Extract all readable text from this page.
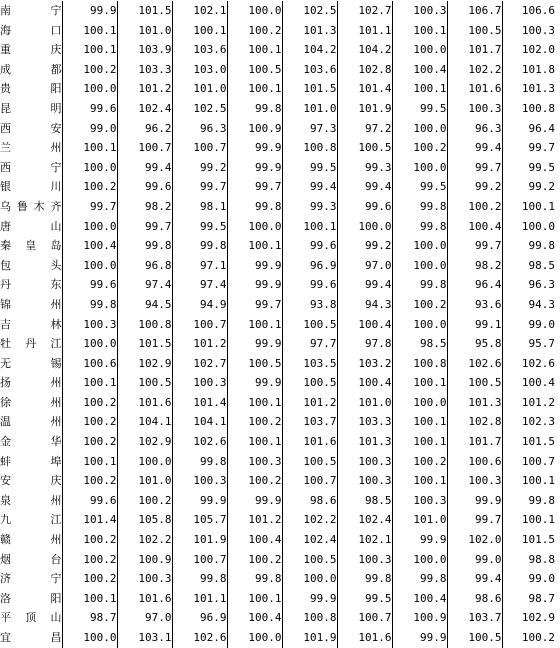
南宁	99.9	101.5	102.1	100.0	102.5	102.7	100.3	106.7	106.6
海口	100.1	101.0	100.1	100.2	101.3	101.1	100.1	100.5	100.3
重庆	100.1	103.9	103.6	100.1	104.2	104.2	100.0	101.7	102.0
成都	100.2	103.3	103.0	100.5	103.6	102.8	100.4	102.2	101.8
贵阳	100.0	101.2	101.0	100.1	101.5	101.4	100.1	101.6	101.3
昆明	99.6	102.4	102.5	99.8	101.0	101.9	99.5	100.3	100.8
西安	99.0	96.2	96.3	100.9	97.3	97.2	100.0	96.3	96.4
兰州	100.1	100.7	100.7	99.9	100.8	100.5	100.2	99.4	99.7
西宁	100.0	99.4	99.2	99.9	99.5	99.3	100.0	99.7	99.5
银川	100.2	99.6	99.7	99.7	99.4	99.4	99.5	99.2	99.2
乌鲁木齐	99.7	98.2	98.1	99.8	99.3	99.6	99.8	100.2	100.1
唐山	100.0	99.7	99.5	100.0	100.1	100.0	99.8	100.4	100.0
秦皇岛	100.4	99.8	99.8	100.1	99.6	99.2	100.0	99.7	99.8
包头	100.0	96.8	97.1	99.9	96.9	97.0	100.0	98.2	98.5
丹东	99.6	97.4	97.4	99.9	99.6	99.4	99.8	96.4	96.3
锦州	99.8	94.5	94.9	99.7	93.8	94.3	100.2	93.6	94.3
吉林	100.3	100.8	100.7	100.1	100.5	100.4	100.0	99.1	99.0
牡丹江	100.0	101.5	101.2	99.9	97.7	97.8	98.5	95.8	95.7
无锡	100.6	102.9	102.7	100.5	103.5	103.2	100.8	102.6	102.6
扬州	100.1	100.5	100.3	99.9	100.5	100.4	100.1	100.5	100.4
徐州	100.2	101.6	101.4	100.1	101.2	101.0	100.0	101.3	101.2
温州	100.2	104.1	104.1	100.2	103.7	103.3	100.1	102.8	102.3
金华	100.2	102.9	102.6	100.1	101.6	101.3	100.1	101.7	101.5
蚌埠	100.1	100.0	99.8	100.3	100.5	100.3	100.2	100.6	100.7
安庆	100.2	101.0	100.3	100.2	100.7	100.3	100.1	100.3	100.1
泉州	99.6	100.2	99.9	99.9	98.6	98.5	100.3	99.9	99.8
九江	101.4	105.8	105.7	101.2	102.2	102.4	101.0	99.7	100.1
赣州	100.2	102.2	101.9	100.4	102.4	102.1	99.9	102.0	101.5
烟台	100.2	100.9	100.7	100.2	100.5	100.3	100.0	99.0	98.8
济宁	100.2	100.3	99.8	99.8	100.0	99.8	99.8	99.4	99.0
洛阳	100.1	101.6	101.1	100.1	99.9	99.5	100.4	98.6	98.7
平顶山	98.7	97.0	96.9	100.4	100.8	100.7	100.9	103.7	102.9
宜昌	100.0	103.1	102.6	100.0	101.9	101.6	99.9	100.5	100.2
